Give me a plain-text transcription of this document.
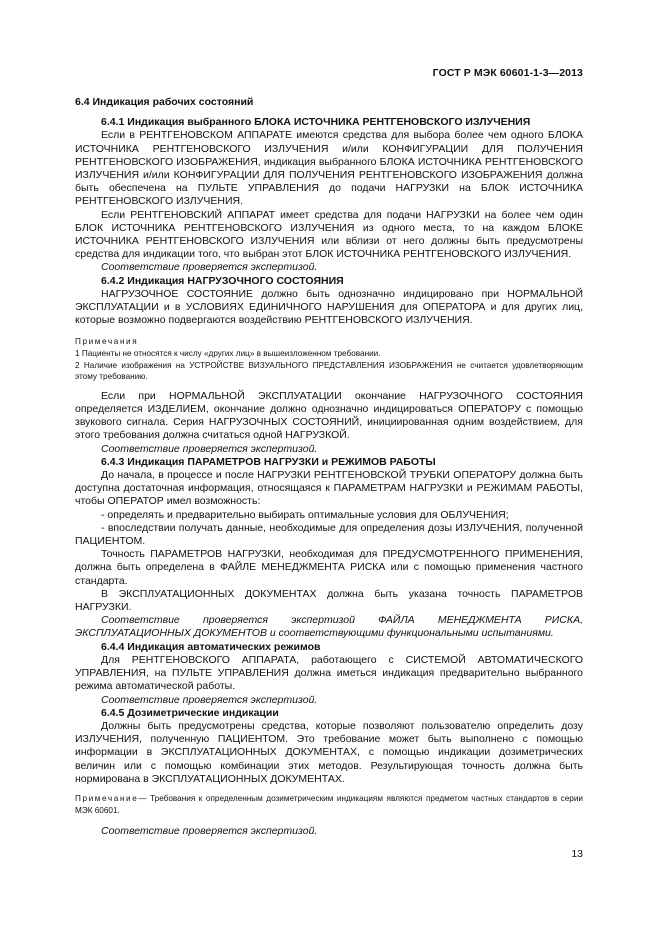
ГОСТ Р МЭК 60601-1-3—2013
6.4 Индикация рабочих состояний
6.4.1 Индикация выбранного БЛОКА ИСТОЧНИКА РЕНТГЕНОВСКОГО ИЗЛУЧЕНИЯ

Если в РЕНТГЕНОВСКОМ АППАРАТЕ имеются средства для выбора более чем одного БЛОКА ИСТОЧНИКА РЕНТГЕНОВСКОГО ИЗЛУЧЕНИЯ и/или КОНФИГУРАЦИИ ДЛЯ ПОЛУЧЕНИЯ РЕНТГЕНОВСКОГО ИЗОБРАЖЕНИЯ, индикация выбранного БЛОКА ИСТОЧНИКА РЕНТГЕНОВСКОГО ИЗЛУЧЕНИЯ и/или КОНФИГУРАЦИИ ДЛЯ ПОЛУЧЕНИЯ РЕНТГЕНОВСКОГО ИЗОБРАЖЕНИЯ должна быть обеспечена на ПУЛЬТЕ УПРАВЛЕНИЯ до подачи НАГРУЗКИ на БЛОК ИСТОЧНИКА РЕНТГЕНОВСКОГО ИЗЛУЧЕНИЯ.

Если РЕНТГЕНОВСКИЙ АППАРАТ имеет средства для подачи НАГРУЗКИ на более чем один БЛОК ИСТОЧНИКА РЕНТГЕНОВСКОГО ИЗЛУЧЕНИЯ из одного места, то на каждом БЛОКЕ ИСТОЧНИКА РЕНТГЕНОВСКОГО ИЗЛУЧЕНИЯ или вблизи от него должны быть предусмотрены средства для индикации того, что выбран этот БЛОК ИСТОЧНИКА РЕНТГЕНОВСКОГО ИЗЛУЧЕНИЯ.

Соответствие проверяется экспертизой.

6.4.2 Индикация НАГРУЗОЧНОГО СОСТОЯНИЯ

НАГРУЗОЧНОЕ СОСТОЯНИЕ должно быть однозначно индицировано при НОРМАЛЬНОЙ ЭКСПЛУАТАЦИИ и в УСЛОВИЯХ ЕДИНИЧНОГО НАРУШЕНИЯ для ОПЕРАТОРА и для других лиц, которые возможно подвергаются воздействию РЕНТГЕНОВСКОГО ИЗЛУЧЕНИЯ.

Примечания
1 Пациенты не относятся к числу «других лиц» в вышеизложенном требовании.
2 Наличие изображения на УСТРОЙСТВЕ ВИЗУАЛЬНОГО ПРЕДСТАВЛЕНИЯ ИЗОБРАЖЕНИЯ не считается удовлетворяющим этому требованию.

Если при НОРМАЛЬНОЙ ЭКСПЛУАТАЦИИ окончание НАГРУЗОЧНОГО СОСТОЯНИЯ определяется ИЗДЕЛИЕМ, окончание должно однозначно индицироваться ОПЕРАТОРУ с помощью звукового сигнала. Серия НАГРУЗОЧНЫХ СОСТОЯНИЙ, инициированная одним воздействием, для этого требования должна считаться одной НАГРУЗКОЙ.

Соответствие проверяется экспертизой.

6.4.3 Индикация ПАРАМЕТРОВ НАГРУЗКИ и РЕЖИМОВ РАБОТЫ

До начала, в процессе и после НАГРУЗКИ РЕНТГЕНОВСКОЙ ТРУБКИ ОПЕРАТОРУ должна быть доступна достаточная информация, относящаяся к ПАРАМЕТРАМ НАГРУЗКИ и РЕЖИМАМ РАБОТЫ, чтобы ОПЕРАТОР имел возможность:

- определять и предварительно выбирать оптимальные условия для ОБЛУЧЕНИЯ;

- впоследствии получать данные, необходимые для определения дозы ИЗЛУЧЕНИЯ, полученной ПАЦИЕНТОМ.

Точность ПАРАМЕТРОВ НАГРУЗКИ, необходимая для ПРЕДУСМОТРЕННОГО ПРИМЕНЕНИЯ, должна быть определена в ФАЙЛЕ МЕНЕДЖМЕНТА РИСКА или с помощью применения частного стандарта.

В ЭКСПЛУАТАЦИОННЫХ ДОКУМЕНТАХ должна быть указана точность ПАРАМЕТРОВ НАГРУЗКИ.

Соответствие проверяется экспертизой ФАЙЛА МЕНЕДЖМЕНТА РИСКА, ЭКСПЛУАТАЦИОННЫХ ДОКУМЕНТОВ и соответствующими функциональными испытаниями.

6.4.4 Индикация автоматических режимов

Для РЕНТГЕНОВСКОГО АППАРАТА, работающего с СИСТЕМОЙ АВТОМАТИЧЕСКОГО УПРАВЛЕНИЯ, на ПУЛЬТЕ УПРАВЛЕНИЯ должна иметься индикация предварительно выбранного режима автоматической работы.

Соответствие проверяется экспертизой.

6.4.5 Дозиметрические индикации

Должны быть предусмотрены средства, которые позволяют пользователю определить дозу ИЗЛУЧЕНИЯ, полученную ПАЦИЕНТОМ. Это требование может быть выполнено с помощью информации в ЭКСПЛУАТАЦИОННЫХ ДОКУМЕНТАХ, с помощью индикации дозиметрических величин или с помощью комбинации этих методов. Результирующая точность должна быть нормирована в ЭКСПЛУАТАЦИОННЫХ ДОКУМЕНТАХ.

Примечание— Требования к определенным дозиметрическим индикациям являются предметом частных стандартов в серии МЭК 60601.

Соответствие проверяется экспертизой.

13
